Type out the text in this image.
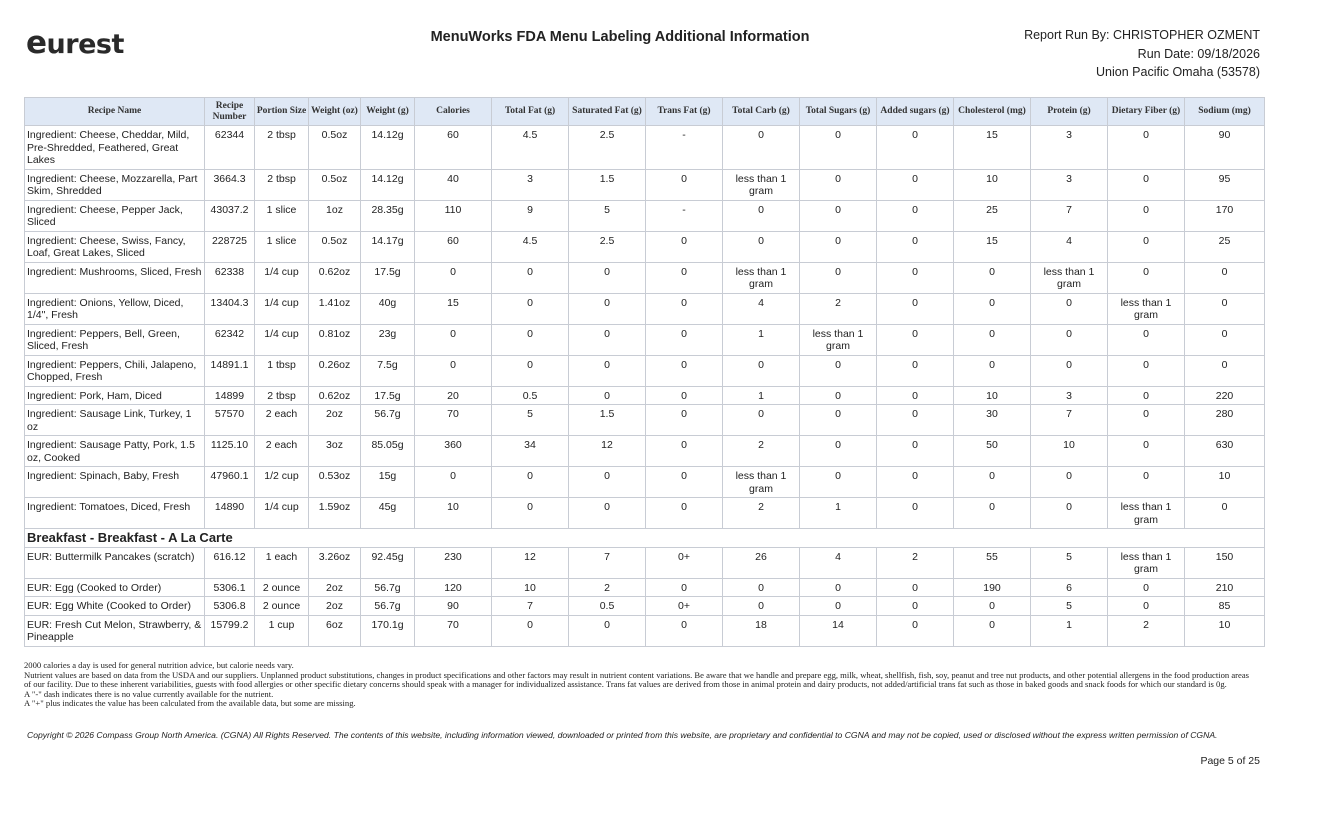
eurest	MenuWorks FDA Menu Labeling Additional Information	Report Run By: CHRISTOPHER OZMENT
Run Date: 09/18/2026
Union Pacific Omaha (53578)
Recipe Name	Recipe Number	Portion Size	Weight (oz)	Weight (g)	Calories	Total Fat (g)	Saturated Fat (g)	Trans Fat (g)	Total Carb (g)	Total Sugars (g)	Added sugars (g)	Cholesterol (mg)	Protein (g)	Dietary Fiber (g)	Sodium (mg)
Ingredient: Cheese, Cheddar, Mild, Pre-Shredded, Feathered, Great Lakes	62344	2 tbsp	0.5oz	14.12g	60	4.5	2.5	-	0	0	0	15	3	0	90
Ingredient: Cheese, Mozzarella, Part Skim, Shredded	3664.3	2 tbsp	0.5oz	14.12g	40	3	1.5	0	less than 1 gram	0	0	10	3	0	95
Ingredient: Cheese, Pepper Jack, Sliced	43037.2	1 slice	1oz	28.35g	110	9	5	-	0	0	0	25	7	0	170
Ingredient: Cheese, Swiss, Fancy, Loaf, Great Lakes, Sliced	228725	1 slice	0.5oz	14.17g	60	4.5	2.5	0	0	0	0	15	4	0	25
Ingredient: Mushrooms, Sliced, Fresh	62338	1/4 cup	0.62oz	17.5g	0	0	0	0	less than 1 gram	0	0	0	less than 1 gram	0	0
Ingredient: Onions, Yellow, Diced, 1/4", Fresh	13404.3	1/4 cup	1.41oz	40g	15	0	0	0	4	2	0	0	0	less than 1 gram	0
Ingredient: Peppers, Bell, Green, Sliced, Fresh	62342	1/4 cup	0.81oz	23g	0	0	0	0	1	less than 1 gram	0	0	0	0	0
Ingredient: Peppers, Chili, Jalapeno, Chopped, Fresh	14891.1	1 tbsp	0.26oz	7.5g	0	0	0	0	0	0	0	0	0	0	0
Ingredient: Pork, Ham, Diced	14899	2 tbsp	0.62oz	17.5g	20	0.5	0	0	1	0	0	10	3	0	220
Ingredient: Sausage Link, Turkey, 1 oz	57570	2 each	2oz	56.7g	70	5	1.5	0	0	0	0	30	7	0	280
Ingredient: Sausage Patty, Pork, 1.5 oz, Cooked	1125.10	2 each	3oz	85.05g	360	34	12	0	2	0	0	50	10	0	630
Ingredient: Spinach, Baby, Fresh	47960.1	1/2 cup	0.53oz	15g	0	0	0	0	less than 1 gram	0	0	0	0	0	10
Ingredient: Tomatoes, Diced, Fresh	14890	1/4 cup	1.59oz	45g	10	0	0	0	2	1	0	0	0	less than 1 gram	0
Breakfast - Breakfast - A La Carte															
EUR: Buttermilk Pancakes (scratch)	616.12	1 each	3.26oz	92.45g	230	12	7	0+	26	4	2	55	5	less than 1 gram	150
EUR: Egg (Cooked to Order)	5306.1	2 ounce	2oz	56.7g	120	10	2	0	0	0	0	190	6	0	210
EUR: Egg White (Cooked to Order)	5306.8	2 ounce	2oz	56.7g	90	7	0.5	0+	0	0	0	0	5	0	85
EUR: Fresh Cut Melon, Strawberry, & Pineapple	15799.2	1 cup	6oz	170.1g	70	0	0	0	18	14	0	0	1	2	10
2000 calories a day is used for general nutrition advice, but calorie needs vary.
Nutrient values are based on data from the USDA and our suppliers. Unplanned product substitutions, changes in product specifications and other factors may result in nutrient content variations. Be aware that we handle and prepare egg, milk, wheat, shellfish, fish, soy, peanut and tree nut products, and other potential allergens in the food production areas of our facility. Due to these inherent variabilities, guests with food allergies or other specific dietary concerns should speak with a manager for individualized assistance. Trans fat values are derived from those in animal protein and dairy products, not added/artificial trans fat such as those in baked goods and snack foods for which our standard is 0g.
A "-" dash indicates there is no value currently available for the nutrient.
A "+" plus indicates the value has been calculated from the available data, but some are missing.
Copyright © 2026 Compass Group North America. (CGNA) All Rights Reserved. The contents of this website, including information viewed, downloaded or printed from this website, are proprietary and confidential to CGNA and may not be copied, used or disclosed without the express written permission of CGNA.
Page 5 of 25
